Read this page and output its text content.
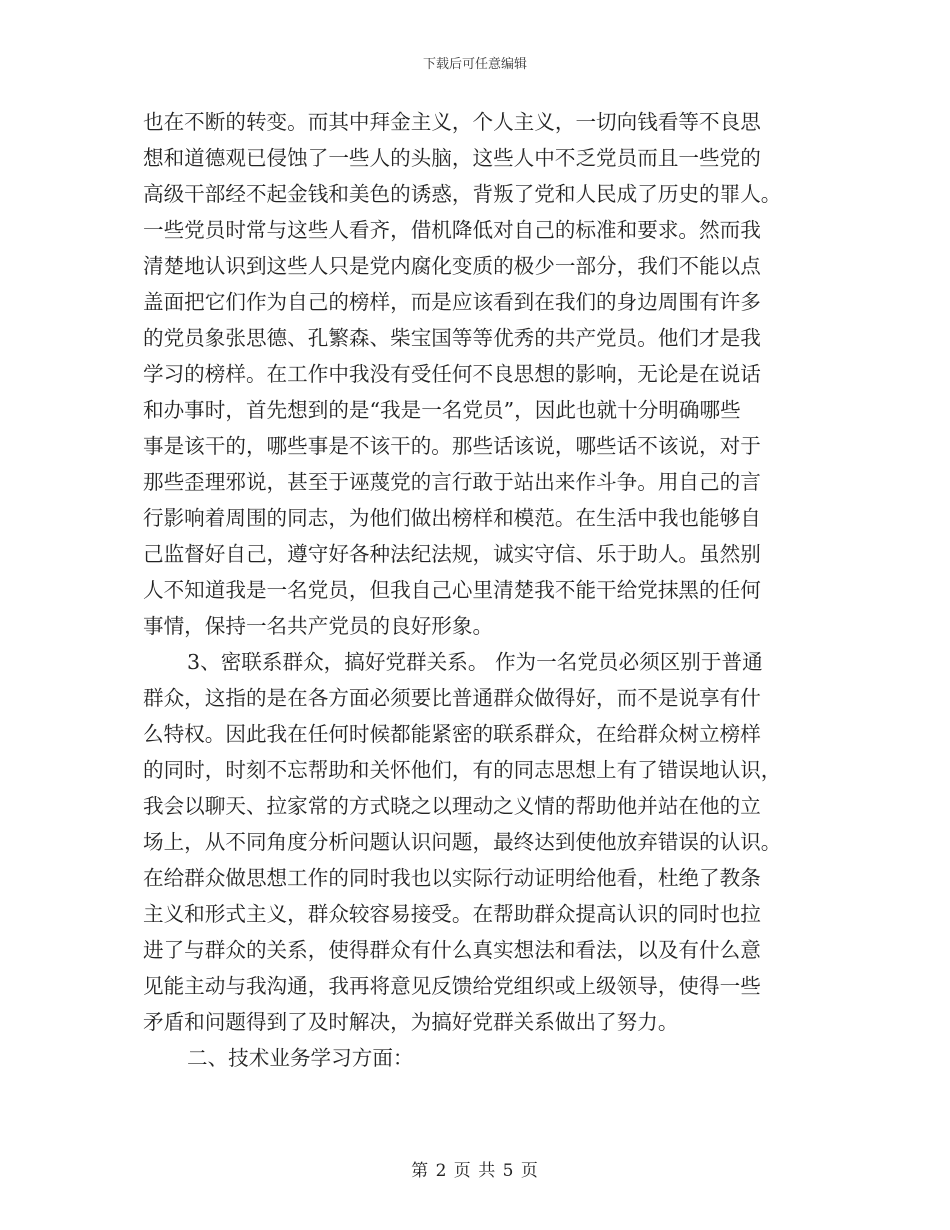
下载后可任意编辑
也在不断的转变。而其中拜金主义，个人主义，一切向钱看等不良思
想和道德观已侵蚀了一些人的头脑，这些人中不乏党员而且一些党的
高级干部经不起金钱和美色的诱惑，背叛了党和人民成了历史的罪人。
一些党员时常与这些人看齐，借机降低对自己的标准和要求。然而我
清楚地认识到这些人只是党内腐化变质的极少一部分，我们不能以点
盖面把它们作为自己的榜样，而是应该看到在我们的身边周围有许多
的党员象张思德、孔繁森、柴宝国等等优秀的共产党员。他们才是我
学习的榜样。在工作中我没有受任何不良思想的影响，无论是在说话
和办事时，首先想到的是“我是一名党员”，因此也就十分明确哪些
事是该干的，哪些事是不该干的。那些话该说，哪些话不该说，对于
那些歪理邪说，甚至于诬蔑党的言行敢于站出来作斗争。用自己的言
行影响着周围的同志，为他们做出榜样和模范。在生活中我也能够自
己监督好自己，遵守好各种法纪法规，诚实守信、乐于助人。虽然别
人不知道我是一名党员，但我自己心里清楚我不能干给党抹黑的任何
事情，保持一名共产党员的良好形象。
3、密联系群众，搞好党群关系。 作为一名党员必须区别于普通
群众，这指的是在各方面必须要比普通群众做得好，而不是说享有什
么特权。因此我在任何时候都能紧密的联系群众，在给群众树立榜样
的同时，时刻不忘帮助和关怀他们，有的同志思想上有了错误地认识，
我会以聊天、拉家常的方式晓之以理动之义情的帮助他并站在他的立
场上，从不同角度分析问题认识问题，最终达到使他放弃错误的认识。
在给群众做思想工作的同时我也以实际行动证明给他看，杜绝了教条
主义和形式主义，群众较容易接受。在帮助群众提高认识的同时也拉
进了与群众的关系，使得群众有什么真实想法和看法，以及有什么意
见能主动与我沟通，我再将意见反馈给党组织或上级领导，使得一些
矛盾和问题得到了及时解决，为搞好党群关系做出了努力。
二、技术业务学习方面：
第 2 页 共 5 页
